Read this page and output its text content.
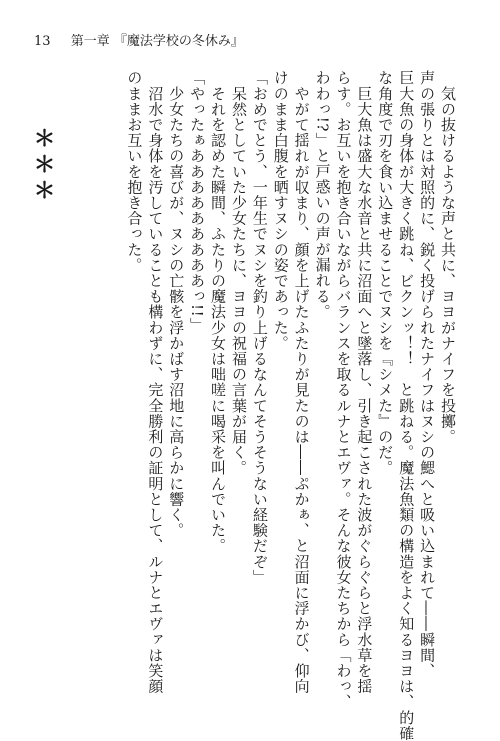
13 第一章 『魔法学校の冬休み』

　気の抜けるような声と共に、ヨヨがナイフを投擲。

声の張りとは対照的に、鋭く投げられたナイフはヌシの鰓へと吸い込まれて――瞬間、

巨大魚の身体が大きく跳ね、ビクンッ！！　と跳ねる。魔法魚類の構造をよく知るヨヨは、的確

な角度で刃を食い込ませることでヌシを『シメた』のだ。

　巨大魚は盛大な水音と共に沼面へと墜落し、引き起こされた波がぐらぐらと浮水草を揺

らす。お互いを抱き合いながらバランスを取るルナとエヴァ。そんな彼女たちから「わっ、

わわっ!?」と戸惑いの声が漏れる。

　やがて揺れが収まり、顔を上げたふたりが見たのは――ぷかぁ、と沼面に浮かび、仰向

けのまま白腹を晒すヌシの姿であった。

「おめでとう、一年生でヌシを釣り上げるなんてそうそうない経験だぞ」

　呆然としていた少女たちに、ヨヨの祝福の言葉が届く。

　それを認めた瞬間、ふたりの魔法少女は咄嗟に喝采を叫んでいた。

「やったぁあああああああああっ!!」

　少女たちの喜びが、ヌシの亡骸を浮かばす沼地に高らかに響く。

　沼水で身体を汚していることも構わずに、完全勝利の証明として、ルナとエヴァは笑顔

のままお互いを抱き合った。

＊＊＊
